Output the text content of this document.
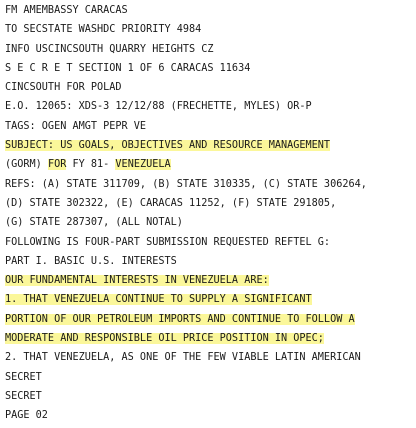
FM AMEMBASSY CARACAS
TO SECSTATE WASHDC PRIORITY 4984
INFO USCINCSOUTH QUARRY HEIGHTS CZ
S E C R E T SECTION 1 OF 6 CARACAS 11634
CINCSOUTH FOR POLAD
E.O. 12065: XDS-3 12/12/88 (FRECHETTE, MYLES) OR-P
TAGS: OGEN AMGT PEPR VE
SUBJECT: US GOALS, OBJECTIVES AND RESOURCE MANAGEMENT
(GORM) FOR FY 81- VENEZUELA
REFS: (A) STATE 311709, (B) STATE 310335, (C) STATE 306264,
(D) STATE 302322, (E) CARACAS 11252, (F) STATE 291805,
(G) STATE 287307, (ALL NOTAL)
FOLLOWING IS FOUR-PART SUBMISSION REQUESTED REFTEL G:
PART I. BASIC U.S. INTERESTS
OUR FUNDAMENTAL INTERESTS IN VENEZUELA ARE:
1. THAT VENEZUELA CONTINUE TO SUPPLY A SIGNIFICANT
PORTION OF OUR PETROLEUM IMPORTS AND CONTINUE TO FOLLOW A
MODERATE AND RESPONSIBLE OIL PRICE POSITION IN OPEC;
2. THAT VENEZUELA, AS ONE OF THE FEW VIABLE LATIN AMERICAN
SECRET
SECRET
PAGE 02
